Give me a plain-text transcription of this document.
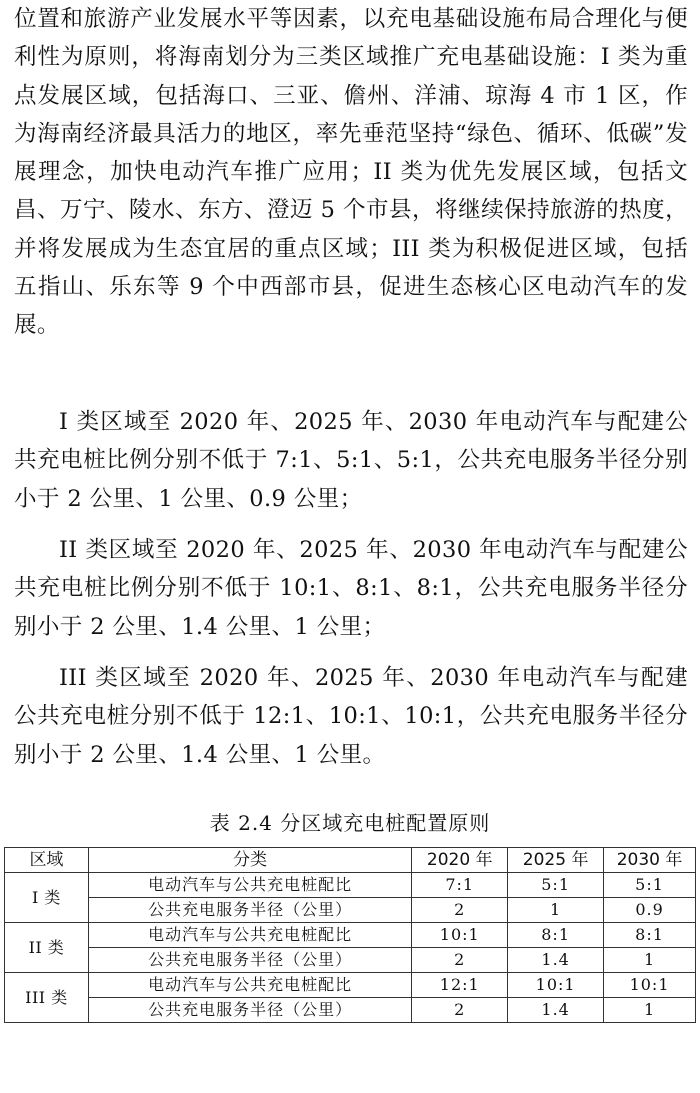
位置和旅游产业发展水平等因素，以充电基础设施布局合理化与便利性为原则，将海南划分为三类区域推广充电基础设施：I 类为重点发展区域，包括海口、三亚、儋州、洋浦、琼海 4 市 1 区，作为海南经济最具活力的地区，率先垂范坚持“绿色、循环、低碳”发展理念，加快电动汽车推广应用；II 类为优先发展区域，包括文昌、万宁、陵水、东方、澄迈 5 个市县，将继续保持旅游的热度，并将发展成为生态宜居的重点区域；III 类为积极促进区域，包括五指山、乐东等 9 个中西部市县，促进生态核心区电动汽车的发展。

I 类区域至 2020 年、2025 年、2030 年电动汽车与配建公共充电桩比例分别不低于 7:1、5:1、5:1，公共充电服务半径分别小于 2 公里、1 公里、0.9 公里；

II 类区域至 2020 年、2025 年、2030 年电动汽车与配建公共充电桩比例分别不低于 10:1、8:1、8:1，公共充电服务半径分别小于 2 公里、1.4 公里、1 公里；

III 类区域至 2020 年、2025 年、2030 年电动汽车与配建公共充电桩分别不低于 12:1、10:1、10:1，公共充电服务半径分别小于 2 公里、1.4 公里、1 公里。

表 2.4 分区域充电桩配置原则
区域	分类	2020 年	2025 年	2030 年
I 类	电动汽车与公共充电桩配比	7:1	5:1	5:1
	公共充电服务半径（公里）	2	1	0.9
II 类	电动汽车与公共充电桩配比	10:1	8:1	8:1
	公共充电服务半径（公里）	2	1.4	1
III 类	电动汽车与公共充电桩配比	12:1	10:1	10:1
	公共充电服务半径（公里）	2	1.4	1
